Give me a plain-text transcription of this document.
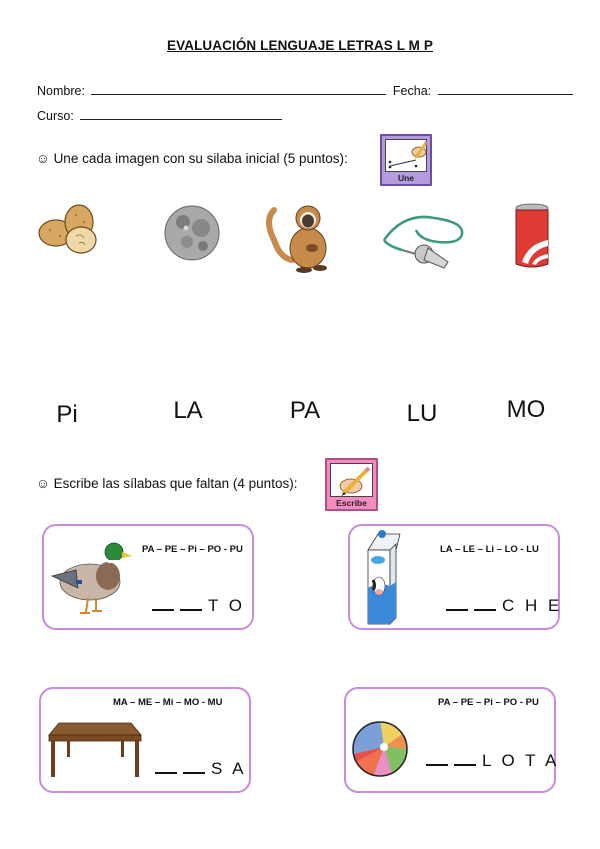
EVALUACIÓN LENGUAJE LETRAS L M P
Nombre:	Fecha:
Curso:
☺ Une cada imagen con su silaba inicial (5 puntos):
Une
Pi	LA	PA	LU	MO
☺ Escribe las sílabas que faltan (4 puntos):
Escribe
PA – PE – Pi – PO - PU
T O
LA – LE – Li – LO - LU
C H E
MA – ME – Mi – MO - MU
S A
PA – PE – Pi – PO - PU
L O T A
